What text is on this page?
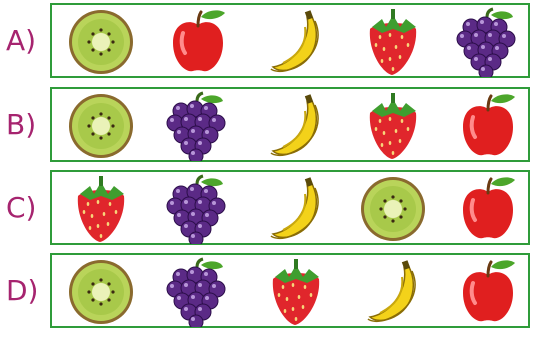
A)
B)
C)
D)
